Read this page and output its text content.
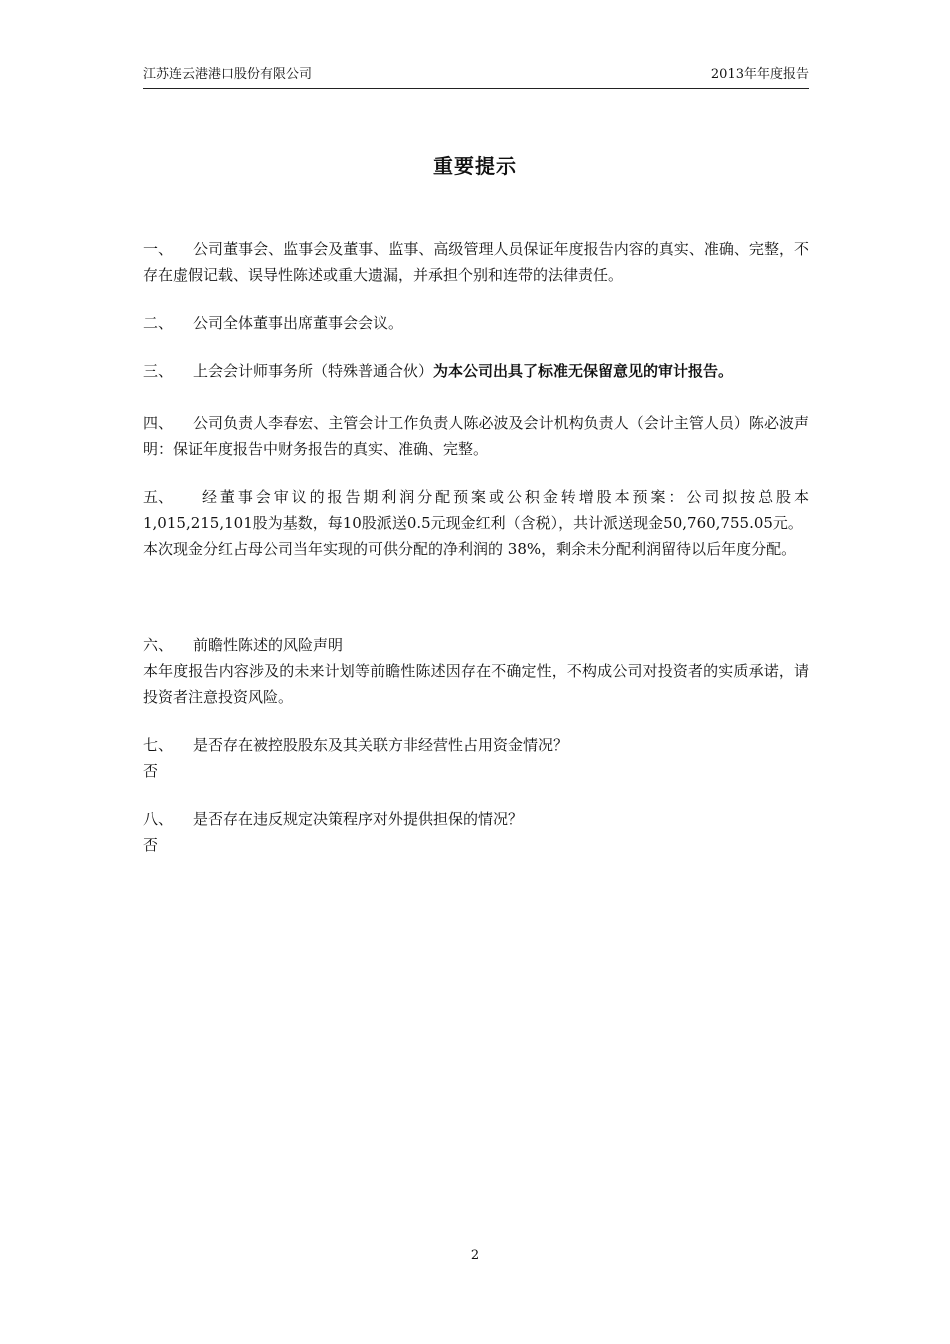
江苏连云港港口股份有限公司	2013年年度报告
重要提示

一、 公司董事会、监事会及董事、监事、高级管理人员保证年度报告内容的真实、准确、完整，不存在虚假记载、误导性陈述或重大遗漏，并承担个别和连带的法律责任。

二、 公司全体董事出席董事会会议。

三、 上会会计师事务所（特殊普通合伙）为本公司出具了标准无保留意见的审计报告。

四、 公司负责人李春宏、主管会计工作负责人陈必波及会计机构负责人（会计主管人员）陈必波声明：保证年度报告中财务报告的真实、准确、完整。

五、 经董事会审议的报告期利润分配预案或公积金转增股本预案：公司拟按总股本1,015,215,101股为基数，每10股派送0.5元现金红利（含税），共计派送现金50,760,755.05元。

本次现金分红占母公司当年实现的可供分配的净利润的 38%，剩余未分配利润留待以后年度分配。

六、 前瞻性陈述的风险声明

本年度报告内容涉及的未来计划等前瞻性陈述因存在不确定性，不构成公司对投资者的实质承诺，请投资者注意投资风险。

七、 是否存在被控股股东及其关联方非经营性占用资金情况？

否

八、 是否存在违反规定决策程序对外提供担保的情况？

否

2
